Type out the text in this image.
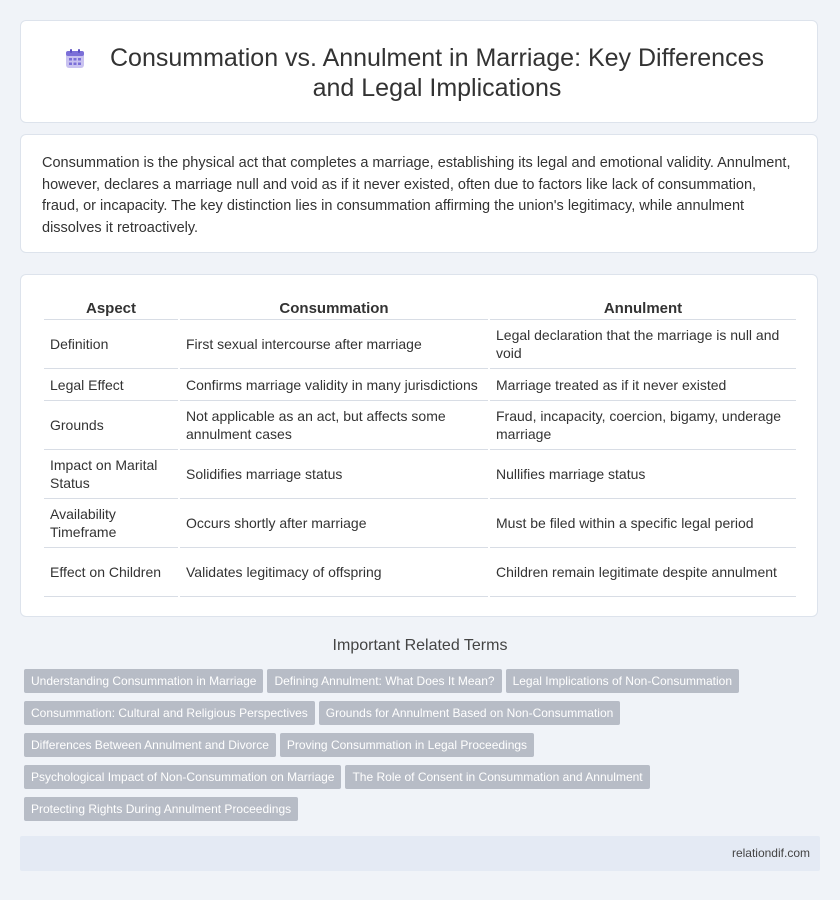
Consummation vs. Annulment in Marriage: Key Differences and Legal Implications
Consummation is the physical act that completes a marriage, establishing its legal and emotional validity. Annulment, however, declares a marriage null and void as if it never existed, often due to factors like lack of consummation, fraud, or incapacity. The key distinction lies in consummation affirming the union's legitimacy, while annulment dissolves it retroactively.
Aspect	Consummation	Annulment
Definition	First sexual intercourse after marriage	Legal declaration that the marriage is null and void
Legal Effect	Confirms marriage validity in many jurisdictions	Marriage treated as if it never existed
Grounds	Not applicable as an act, but affects some annulment cases	Fraud, incapacity, coercion, bigamy, underage marriage
Impact on Marital Status	Solidifies marriage status	Nullifies marriage status
Availability Timeframe	Occurs shortly after marriage	Must be filed within a specific legal period
Effect on Children	Validates legitimacy of offspring	Children remain legitimate despite annulment
Important Related Terms
Understanding Consummation in Marriage Defining Annulment: What Does It Mean? Legal Implications of Non-Consummation
Consummation: Cultural and Religious Perspectives Grounds for Annulment Based on Non-Consummation
Differences Between Annulment and Divorce Proving Consummation in Legal Proceedings
Psychological Impact of Non-Consummation on Marriage The Role of Consent in Consummation and Annulment
Protecting Rights During Annulment Proceedings
relationdif.com
